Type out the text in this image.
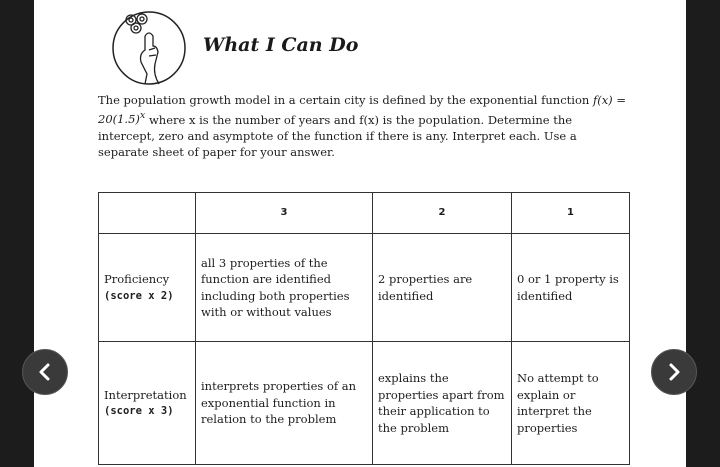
What I Can Do

The population growth model in a certain city is defined by the exponential function $f(x) = 20(1.5)^x$ where x is the number of years and f(x) is the population. Determine the intercept, zero and asymptote of the function if there is any. Interpret each. Use a separate sheet of paper for your answer.

	3	2	1

Proficiency
(score x 2)	all 3 properties of the function are identified including both properties with or without values	2 properties are identified	0 or 1 property is identified

Interpretation
(score x 3)	interprets properties of an exponential function in relation to the problem	explains the properties apart from their application to the problem	No attempt to explain or interpret the properties
